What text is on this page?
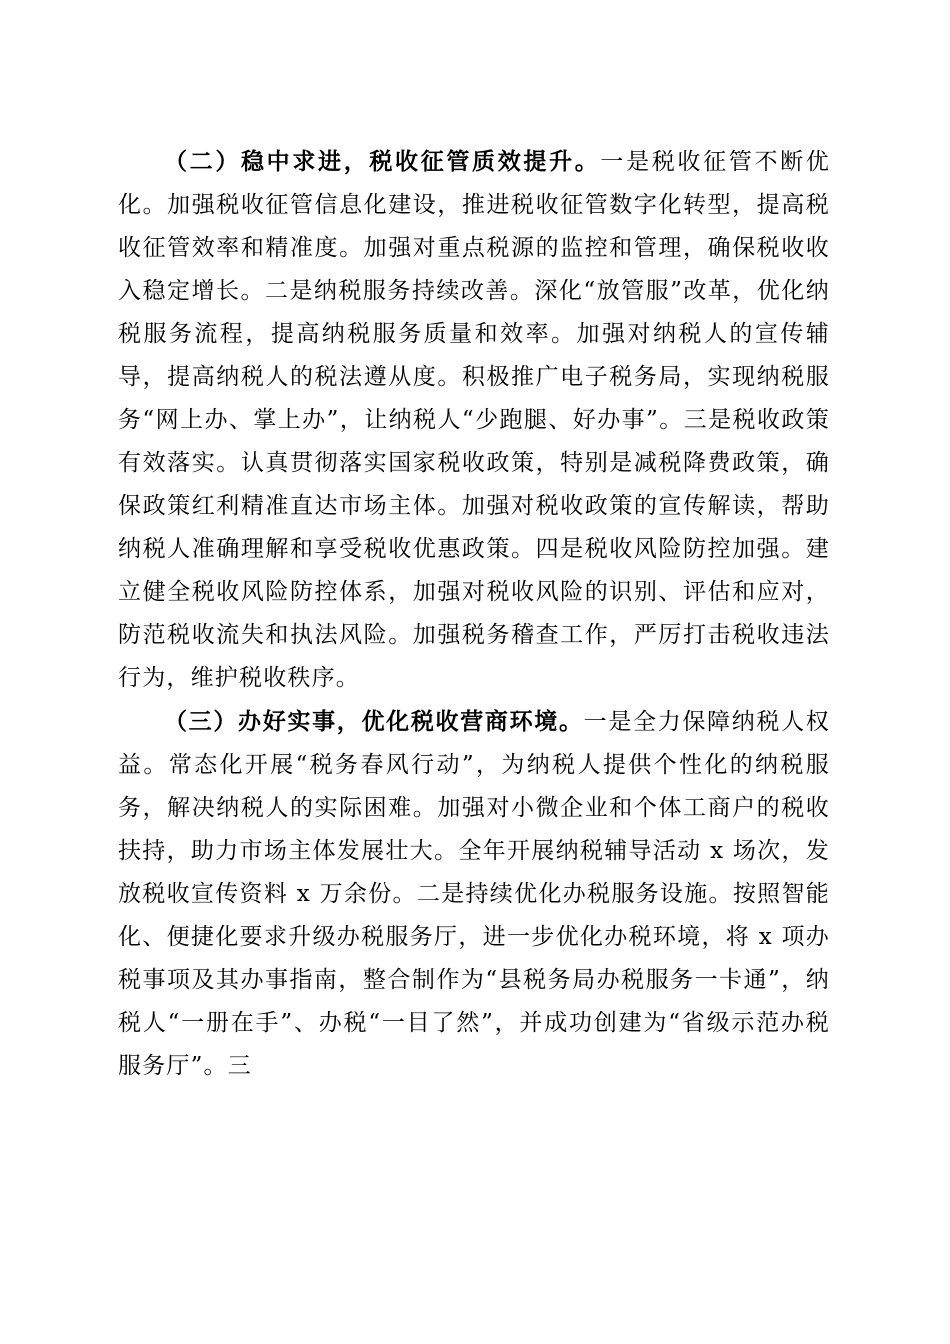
（二）稳中求进，税收征管质效提升。一是税收征管不断优化。加强税收征管信息化建设，推进税收征管数字化转型，提高税收征管效率和精准度。加强对重点税源的监控和管理，确保税收收入稳定增长。二是纳税服务持续改善。深化“放管服”改革，优化纳税服务流程，提高纳税服务质量和效率。加强对纳税人的宣传辅导，提高纳税人的税法遵从度。积极推广电子税务局，实现纳税服务“网上办、掌上办”，让纳税人“少跑腿、好办事”。三是税收政策有效落实。认真贯彻落实国家税收政策，特别是减税降费政策，确保政策红利精准直达市场主体。加强对税收政策的宣传解读，帮助纳税人准确理解和享受税收优惠政策。四是税收风险防控加强。建立健全税收风险防控体系，加强对税收风险的识别、评估和应对，防范税收流失和执法风险。加强税务稽查工作，严厉打击税收违法行为，维护税收秩序。

（三）办好实事，优化税收营商环境。一是全力保障纳税人权益。常态化开展“税务春风行动”，为纳税人提供个性化的纳税服务，解决纳税人的实际困难。加强对小微企业和个体工商户的税收扶持，助力市场主体发展壮大。全年开展纳税辅导活动 x 场次，发放税收宣传资料 x 万余份。二是持续优化办税服务设施。按照智能化、便捷化要求升级办税服务厅，进一步优化办税环境，将 x 项办税事项及其办事指南，整合制作为“县税务局办税服务一卡通”，纳税人“一册在手”、办税“一目了然”，并成功创建为“省级示范办税服务厅”。三
